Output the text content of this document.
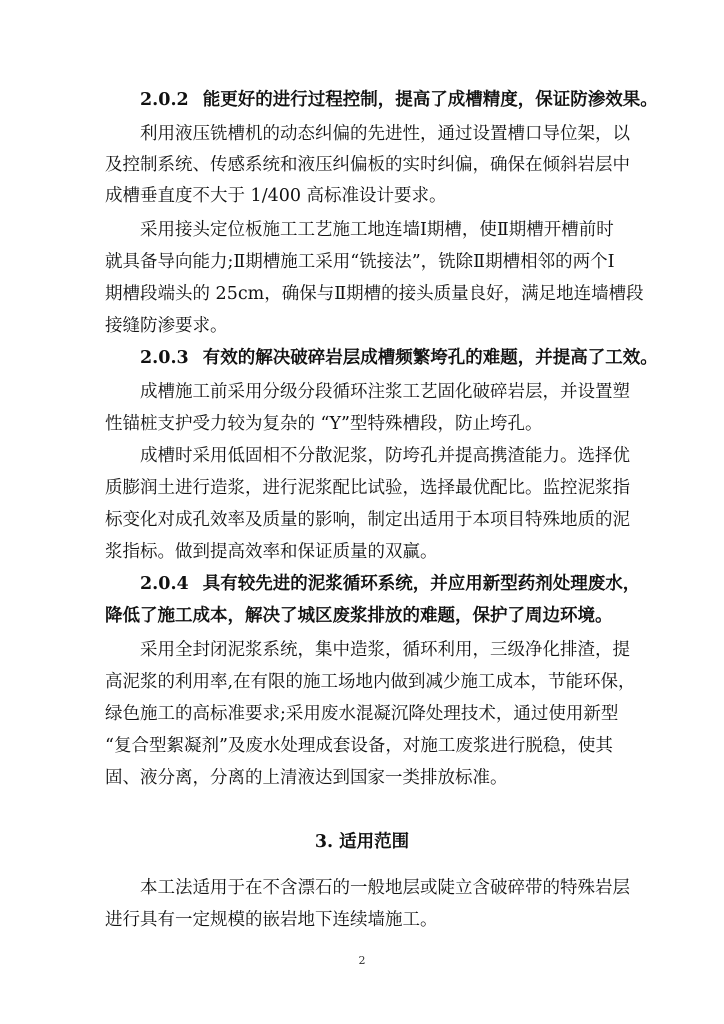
2.0.2 能更好的进行过程控制，提高了成槽精度，保证防渗效果。
利用液压铣槽机的动态纠偏的先进性，通过设置槽口导位架，以
及控制系统、传感系统和液压纠偏板的实时纠偏，确保在倾斜岩层中
成槽垂直度不大于 1/400 高标准设计要求。
采用接头定位板施工工艺施工地连墙Ⅰ期槽，使Ⅱ期槽开槽前时
就具备导向能力;Ⅱ期槽施工采用“铣接法”，铣除Ⅱ期槽相邻的两个Ⅰ
期槽段端头的 25cm，确保与Ⅱ期槽的接头质量良好，满足地连墙槽段
接缝防渗要求。
2.0.3 有效的解决破碎岩层成槽频繁垮孔的难题，并提高了工效。
成槽施工前采用分级分段循环注浆工艺固化破碎岩层，并设置塑
性锚桩支护受力较为复杂的 “Y”型特殊槽段，防止垮孔。
成槽时采用低固相不分散泥浆，防垮孔并提高携渣能力。选择优
质膨润土进行造浆，进行泥浆配比试验，选择最优配比。监控泥浆指
标变化对成孔效率及质量的影响，制定出适用于本项目特殊地质的泥
浆指标。做到提高效率和保证质量的双赢。
2.0.4 具有较先进的泥浆循环系统，并应用新型药剂处理废水，
降低了施工成本，解决了城区废浆排放的难题，保护了周边环境。
采用全封闭泥浆系统，集中造浆，循环利用，三级净化排渣，提
高泥浆的利用率,在有限的施工场地内做到减少施工成本，节能环保，
绿色施工的高标准要求;采用废水混凝沉降处理技术，通过使用新型
“复合型絮凝剂”及废水处理成套设备，对施工废浆进行脱稳，使其
固、液分离，分离的上清液达到国家一类排放标准。
3. 适用范围
本工法适用于在不含漂石的一般地层或陡立含破碎带的特殊岩层
进行具有一定规模的嵌岩地下连续墙施工。
2
